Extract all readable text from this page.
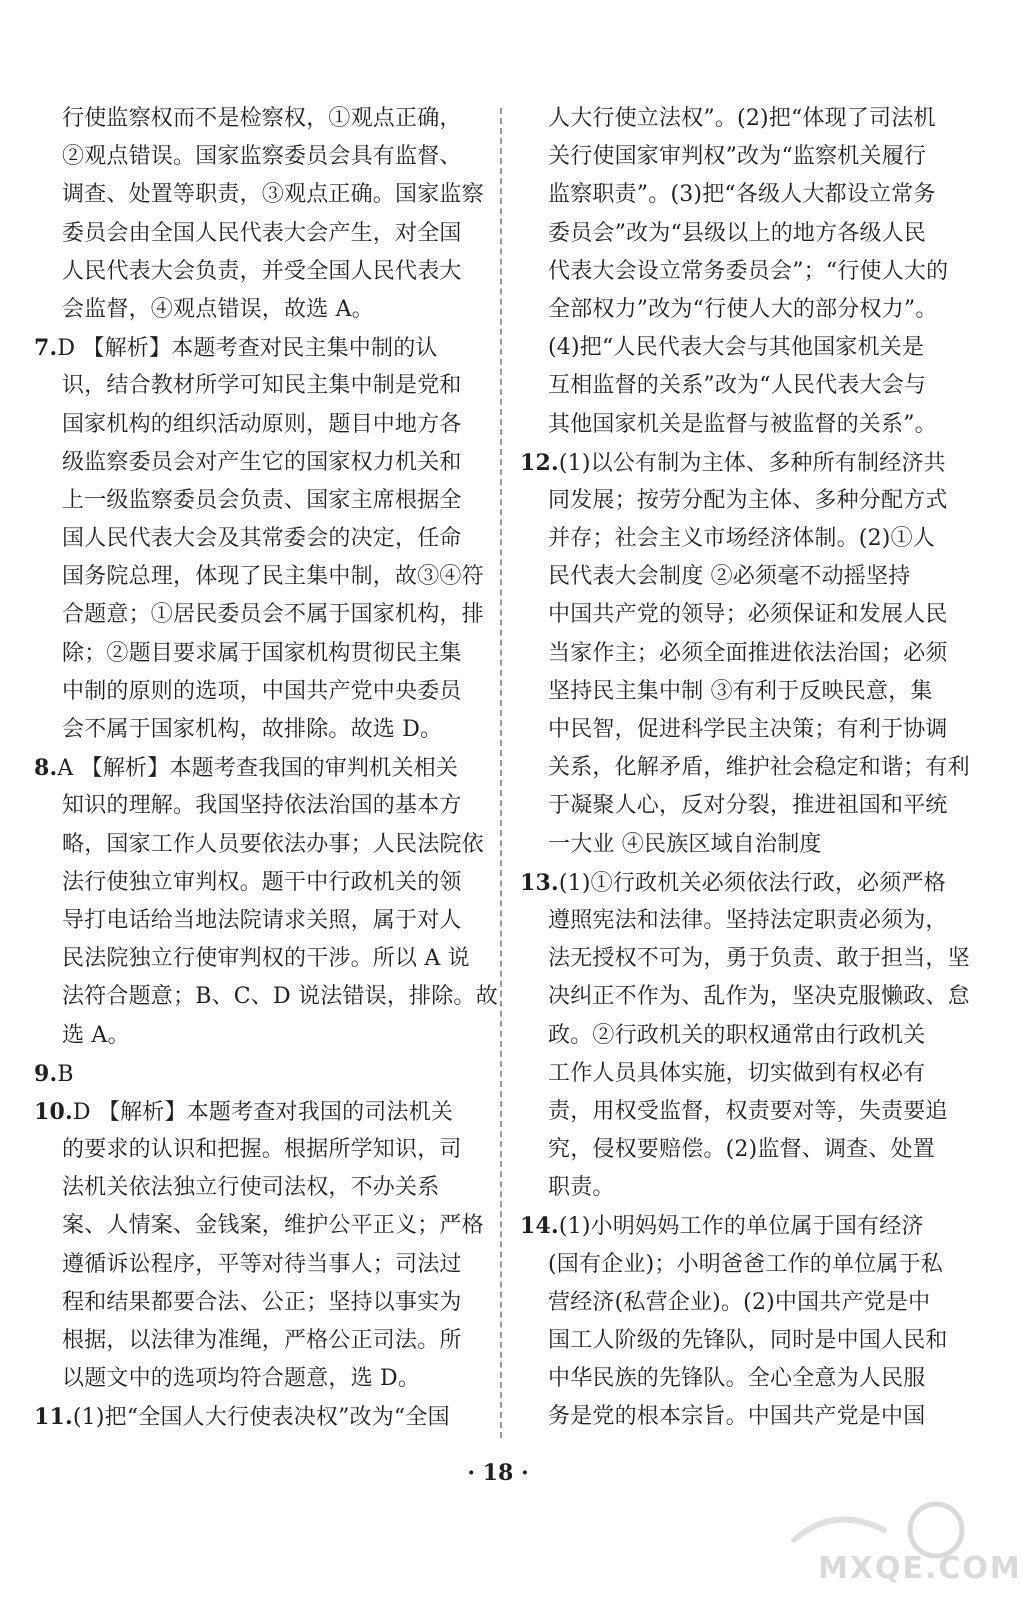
行使监察权而不是检察权，①观点正确，
②观点错误。国家监察委员会具有监督、
调查、处置等职责，③观点正确。国家监察
委员会由全国人民代表大会产生，对全国
人民代表大会负责，并受全国人民代表大
会监督，④观点错误，故选 A。
7.D 【解析】本题考查对民主集中制的认
识，结合教材所学可知民主集中制是党和
国家机构的组织活动原则，题目中地方各
级监察委员会对产生它的国家权力机关和
上一级监察委员会负责、国家主席根据全
国人民代表大会及其常委会的决定，任命
国务院总理，体现了民主集中制，故③④符
合题意；①居民委员会不属于国家机构，排
除；②题目要求属于国家机构贯彻民主集
中制的原则的选项，中国共产党中央委员
会不属于国家机构，故排除。故选 D。
8.A 【解析】本题考查我国的审判机关相关
知识的理解。我国坚持依法治国的基本方
略，国家工作人员要依法办事；人民法院依
法行使独立审判权。题干中行政机关的领
导打电话给当地法院请求关照，属于对人
民法院独立行使审判权的干涉。所以 A 说
法符合题意；B、C、D 说法错误，排除。故
选 A。
9.B
10.D 【解析】本题考查对我国的司法机关
的要求的认识和把握。根据所学知识，司
法机关依法独立行使司法权，不办关系
案、人情案、金钱案，维护公平正义；严格
遵循诉讼程序，平等对待当事人；司法过
程和结果都要合法、公正；坚持以事实为
根据，以法律为准绳，严格公正司法。所
以题文中的选项均符合题意，选 D。
11.(1)把“全国人大行使表决权”改为“全国
人大行使立法权”。(2)把“体现了司法机
关行使国家审判权”改为“监察机关履行
监察职责”。(3)把“各级人大都设立常务
委员会”改为“县级以上的地方各级人民
代表大会设立常务委员会”；“行使人大的
全部权力”改为“行使人大的部分权力”。
(4)把“人民代表大会与其他国家机关是
互相监督的关系”改为“人民代表大会与
其他国家机关是监督与被监督的关系”。
12.(1)以公有制为主体、多种所有制经济共
同发展；按劳分配为主体、多种分配方式
并存；社会主义市场经济体制。(2)①人
民代表大会制度 ②必须毫不动摇坚持
中国共产党的领导；必须保证和发展人民
当家作主；必须全面推进依法治国；必须
坚持民主集中制 ③有利于反映民意，集
中民智，促进科学民主决策；有利于协调
关系，化解矛盾，维护社会稳定和谐；有利
于凝聚人心，反对分裂，推进祖国和平统
一大业 ④民族区域自治制度
13.(1)①行政机关必须依法行政，必须严格
遵照宪法和法律。坚持法定职责必须为，
法无授权不可为，勇于负责、敢于担当，坚
决纠正不作为、乱作为，坚决克服懒政、怠
政。②行政机关的职权通常由行政机关
工作人员具体实施，切实做到有权必有
责，用权受监督，权责要对等，失责要追
究，侵权要赔偿。(2)监督、调查、处置
职责。
14.(1)小明妈妈工作的单位属于国有经济
(国有企业)；小明爸爸工作的单位属于私
营经济(私营企业)。(2)中国共产党是中
国工人阶级的先锋队，同时是中国人民和
中华民族的先锋队。全心全意为人民服
务是党的根本宗旨。中国共产党是中国
· 18 ·
MXQE.COM
